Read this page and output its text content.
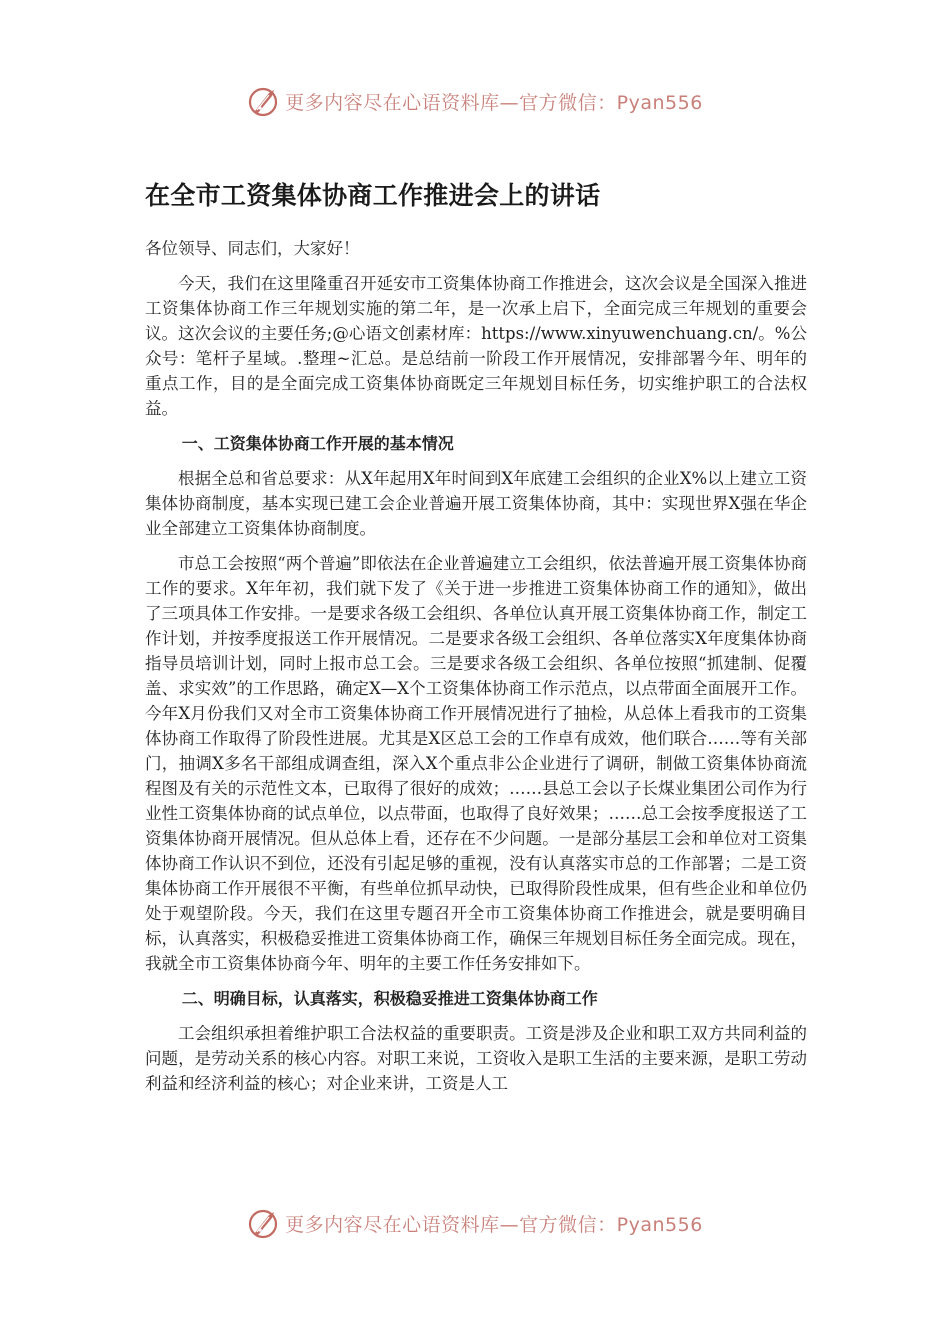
更多内容尽在心语资料库—官方微信：Pyan556
在全市工资集体协商工作推进会上的讲话
各位领导、同志们，大家好！

今天，我们在这里隆重召开延安市工资集体协商工作推进会，这次会议是全国深入推进工资集体协商工作三年规划实施的第二年，是一次承上启下，全面完成三年规划的重要会议。这次会议的主要任务;@心语文创素材库：https://www.xinyuwenchuang.cn/。%公众号：笔杆子星域。.整理~汇总。是总结前一阶段工作开展情况，安排部署今年、明年的重点工作，目的是全面完成工资集体协商既定三年规划目标任务，切实维护职工的合法权益。

一、工资集体协商工作开展的基本情况

根据全总和省总要求：从X年起用X年时间到X年底建工会组织的企业X%以上建立工资集体协商制度，基本实现已建工会企业普遍开展工资集体协商，其中：实现世界X强在华企业全部建立工资集体协商制度。

市总工会按照“两个普遍”即依法在企业普遍建立工会组织，依法普遍开展工资集体协商工作的要求。X年年初，我们就下发了《关于进一步推进工资集体协商工作的通知》，做出了三项具体工作安排。一是要求各级工会组织、各单位认真开展工资集体协商工作，制定工作计划，并按季度报送工作开展情况。二是要求各级工会组织、各单位落实X年度集体协商指导员培训计划，同时上报市总工会。三是要求各级工会组织、各单位按照“抓建制、促覆盖、求实效”的工作思路，确定X—X个工资集体协商工作示范点，以点带面全面展开工作。今年X月份我们又对全市工资集体协商工作开展情况进行了抽检，从总体上看我市的工资集体协商工作取得了阶段性进展。尤其是X区总工会的工作卓有成效，他们联合……等有关部门，抽调X多名干部组成调查组，深入X个重点非公企业进行了调研，制做工资集体协商流程图及有关的示范性文本，已取得了很好的成效；……县总工会以子长煤业集团公司作为行业性工资集体协商的试点单位，以点带面，也取得了良好效果；……总工会按季度报送了工资集体协商开展情况。但从总体上看，还存在不少问题。一是部分基层工会和单位对工资集体协商工作认识不到位，还没有引起足够的重视，没有认真落实市总的工作部署；二是工资集体协商工作开展很不平衡，有些单位抓早动快，已取得阶段性成果，但有些企业和单位仍处于观望阶段。今天，我们在这里专题召开全市工资集体协商工作推进会，就是要明确目标，认真落实，积极稳妥推进工资集体协商工作，确保三年规划目标任务全面完成。现在，我就全市工资集体协商今年、明年的主要工作任务安排如下。

二、明确目标，认真落实，积极稳妥推进工资集体协商工作

工会组织承担着维护职工合法权益的重要职责。工资是涉及企业和职工双方共同利益的问题，是劳动关系的核心内容。对职工来说，工资收入是职工生活的主要来源，是职工劳动利益和经济利益的核心；对企业来讲，工资是人工

更多内容尽在心语资料库—官方微信：Pyan556
